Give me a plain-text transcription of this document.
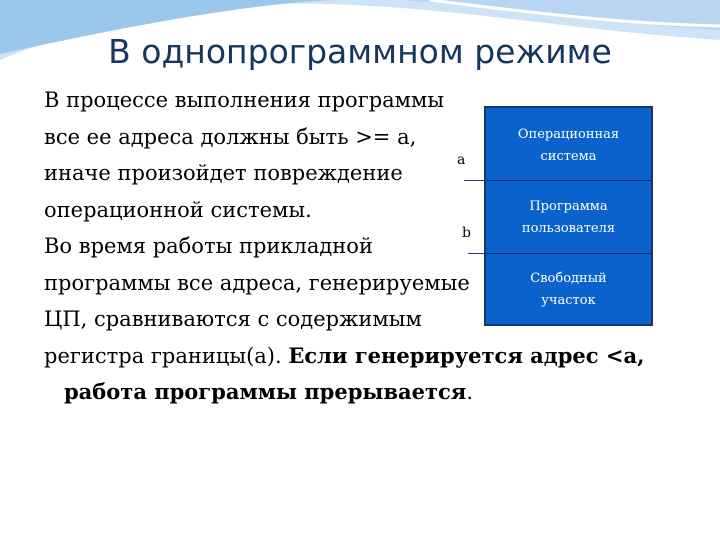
В однопрограммном режиме
В процессе выполнения программы
все ее адреса должны быть >= а,
иначе произойдет повреждение
операционной системы.
Во время работы прикладной
программы все адреса, генерируемые
ЦП, сравниваются с содержимым
регистра границы(а). Если генерируется адрес <а,
работа программы прерывается.
a
b
Операционная
система
Программа
пользователя
Свободный
участок
